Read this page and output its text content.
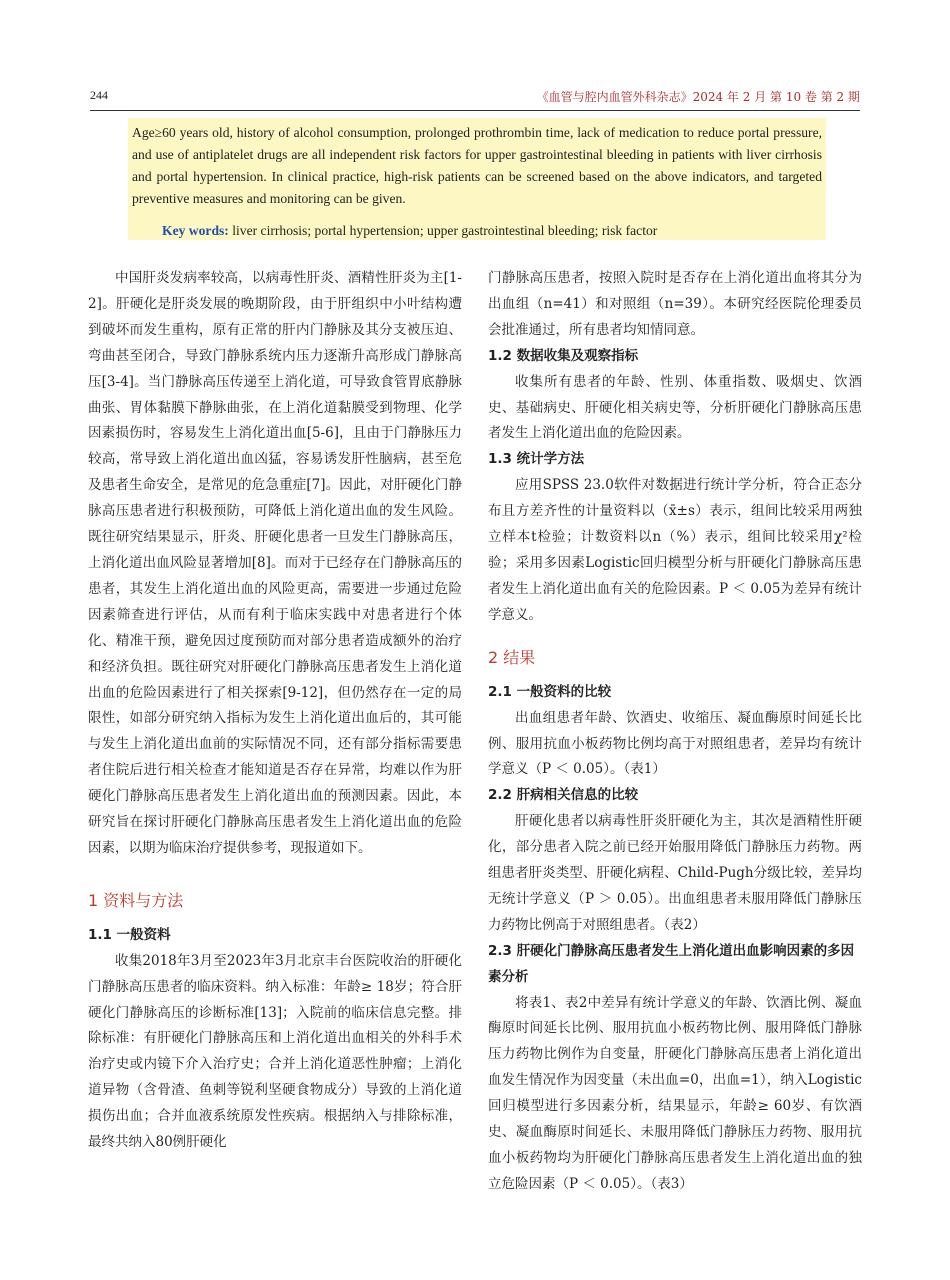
244	《血管与腔内血管外科杂志》2024 年 2 月 第 10 卷 第 2 期

Age≥60 years old, history of alcohol consumption, prolonged prothrombin time, lack of medication to reduce portal pressure, and use of antiplatelet drugs are all independent risk factors for upper gastrointestinal bleeding in patients with liver cirrhosis and portal hypertension. In clinical practice, high-risk patients can be screened based on the above indicators, and targeted preventive measures and monitoring can be given.

Key words: liver cirrhosis; portal hypertension; upper gastrointestinal bleeding; risk factor

中国肝炎发病率较高，以病毒性肝炎、酒精性肝炎为主[1-2]。肝硬化是肝炎发展的晚期阶段，由于肝组织中小叶结构遭到破坏而发生重构，原有正常的肝内门静脉及其分支被压迫、弯曲甚至闭合，导致门静脉系统内压力逐渐升高形成门静脉高压[3-4]。当门静脉高压传递至上消化道，可导致食管胃底静脉曲张、胃体黏膜下静脉曲张，在上消化道黏膜受到物理、化学因素损伤时，容易发生上消化道出血[5-6]，且由于门静脉压力较高，常导致上消化道出血凶猛，容易诱发肝性脑病，甚至危及患者生命安全，是常见的危急重症[7]。因此，对肝硬化门静脉高压患者进行积极预防，可降低上消化道出血的发生风险。既往研究结果显示，肝炎、肝硬化患者一旦发生门静脉高压，上消化道出血风险显著增加[8]。而对于已经存在门静脉高压的患者，其发生上消化道出血的风险更高，需要进一步通过危险因素筛查进行评估，从而有利于临床实践中对患者进行个体化、精准干预，避免因过度预防而对部分患者造成额外的治疗和经济负担。既往研究对肝硬化门静脉高压患者发生上消化道出血的危险因素进行了相关探索[9-12]，但仍然存在一定的局限性，如部分研究纳入指标为发生上消化道出血后的，其可能与发生上消化道出血前的实际情况不同，还有部分指标需要患者住院后进行相关检查才能知道是否存在异常，均难以作为肝硬化门静脉高压患者发生上消化道出血的预测因素。因此，本研究旨在探讨肝硬化门静脉高压患者发生上消化道出血的危险因素，以期为临床治疗提供参考，现报道如下。

1 资料与方法

1.1 一般资料

收集2018年3月至2023年3月北京丰台医院收治的肝硬化门静脉高压患者的临床资料。纳入标准：年龄≥ 18岁；符合肝硬化门静脉高压的诊断标准[13]；入院前的临床信息完整。排除标准：有肝硬化门静脉高压和上消化道出血相关的外科手术治疗史或内镜下介入治疗史；合并上消化道恶性肿瘤；上消化道异物（含骨渣、鱼刺等锐利坚硬食物成分）导致的上消化道损伤出血；合并血液系统原发性疾病。根据纳入与排除标准，最终共纳入80例肝硬化

门静脉高压患者，按照入院时是否存在上消化道出血将其分为出血组（n=41）和对照组（n=39）。本研究经医院伦理委员会批准通过，所有患者均知情同意。

1.2 数据收集及观察指标

收集所有患者的年龄、性别、体重指数、吸烟史、饮酒史、基础病史、肝硬化相关病史等，分析肝硬化门静脉高压患者发生上消化道出血的危险因素。

1.3 统计学方法

应用SPSS 23.0软件对数据进行统计学分析，符合正态分布且方差齐性的计量资料以（x̄±s）表示，组间比较采用两独立样本t检验；计数资料以n（%）表示，组间比较采用χ²检验；采用多因素Logistic回归模型分析与肝硬化门静脉高压患者发生上消化道出血有关的危险因素。P ＜ 0.05为差异有统计学意义。

2 结果

2.1 一般资料的比较

出血组患者年龄、饮酒史、收缩压、凝血酶原时间延长比例、服用抗血小板药物比例均高于对照组患者，差异均有统计学意义（P ＜ 0.05）。（表1）

2.2 肝病相关信息的比较

肝硬化患者以病毒性肝炎肝硬化为主，其次是酒精性肝硬化，部分患者入院之前已经开始服用降低门静脉压力药物。两组患者肝炎类型、肝硬化病程、Child-Pugh分级比较，差异均无统计学意义（P ＞ 0.05）。出血组患者未服用降低门静脉压力药物比例高于对照组患者。（表2）

2.3 肝硬化门静脉高压患者发生上消化道出血影响因素的多因素分析

将表1、表2中差异有统计学意义的年龄、饮酒比例、凝血酶原时间延长比例、服用抗血小板药物比例、服用降低门静脉压力药物比例作为自变量，肝硬化门静脉高压患者上消化道出血发生情况作为因变量（未出血=0，出血=1），纳入Logistic回归模型进行多因素分析，结果显示，年龄≥ 60岁、有饮酒史、凝血酶原时间延长、未服用降低门静脉压力药物、服用抗血小板药物均为肝硬化门静脉高压患者发生上消化道出血的独立危险因素（P ＜ 0.05）。（表3）
